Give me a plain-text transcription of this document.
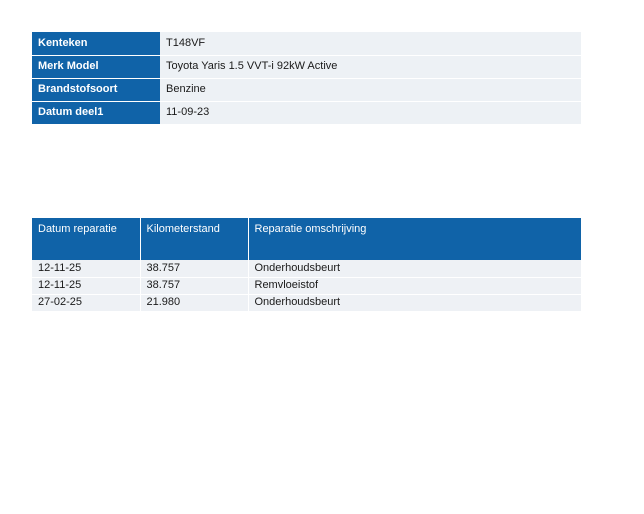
Kenteken	T148VF
Merk Model	Toyota Yaris 1.5 VVT-i 92kW Active
Brandstofsoort	Benzine
Datum deel1	11-09-23
Datum reparatie	Kilometerstand	Reparatie omschrijving
12-11-25	38.757	Onderhoudsbeurt
12-11-25	38.757	Remvloeistof
27-02-25	21.980	Onderhoudsbeurt
